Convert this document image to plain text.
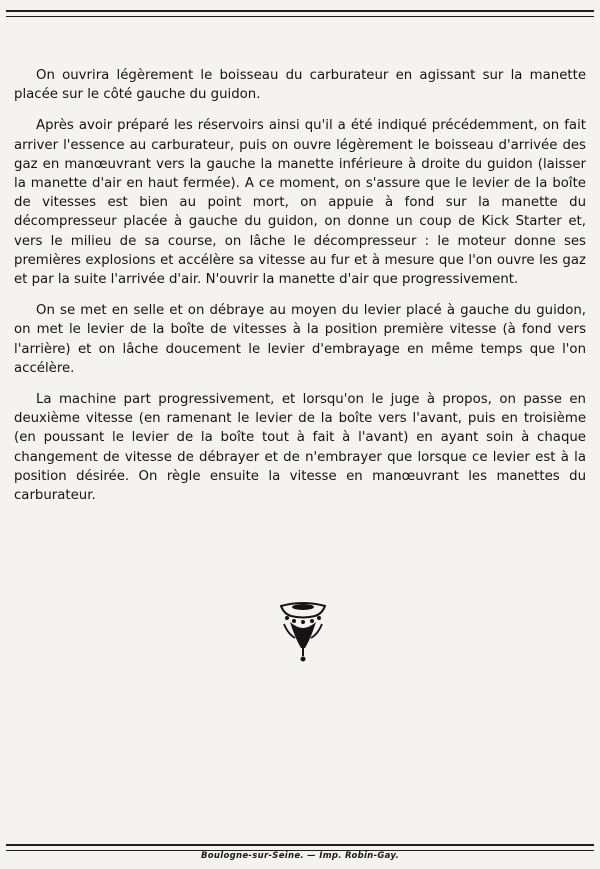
On ouvrira légèrement le boisseau du carburateur en agissant sur la manette placée sur le côté gauche du guidon.

Après avoir préparé les réservoirs ainsi qu'il a été indiqué précédemment, on fait arriver l'essence au carburateur, puis on ouvre légèrement le boisseau d'arrivée des gaz en manœuvrant vers la gauche la manette inférieure à droite du guidon (laisser la manette d'air en haut fermée). A ce moment, on s'assure que le levier de la boîte de vitesses est bien au point mort, on appuie à fond sur la manette du décompresseur placée à gauche du guidon, on donne un coup de Kick Starter et, vers le milieu de sa course, on lâche le décompresseur : le moteur donne ses premières explosions et accélère sa vitesse au fur et à mesure que l'on ouvre les gaz et par la suite l'arrivée d'air. N'ouvrir la manette d'air que progressivement.

On se met en selle et on débraye au moyen du levier placé à gauche du guidon, on met le levier de la boîte de vitesses à la position première vitesse (à fond vers l'arrière) et on lâche doucement le levier d'embrayage en même temps que l'on accélère.

La machine part progressivement, et lorsqu'on le juge à propos, on passe en deuxième vitesse (en ramenant le levier de la boîte vers l'avant, puis en troisième (en poussant le levier de la boîte tout à fait à l'avant) en ayant soin à chaque changement de vitesse de débrayer et de n'embrayer que lorsque ce levier est à la position désirée. On règle ensuite la vitesse en manœuvrant les manettes du carburateur.

Boulogne-sur-Seine. — Imp. Robin-Gay.
